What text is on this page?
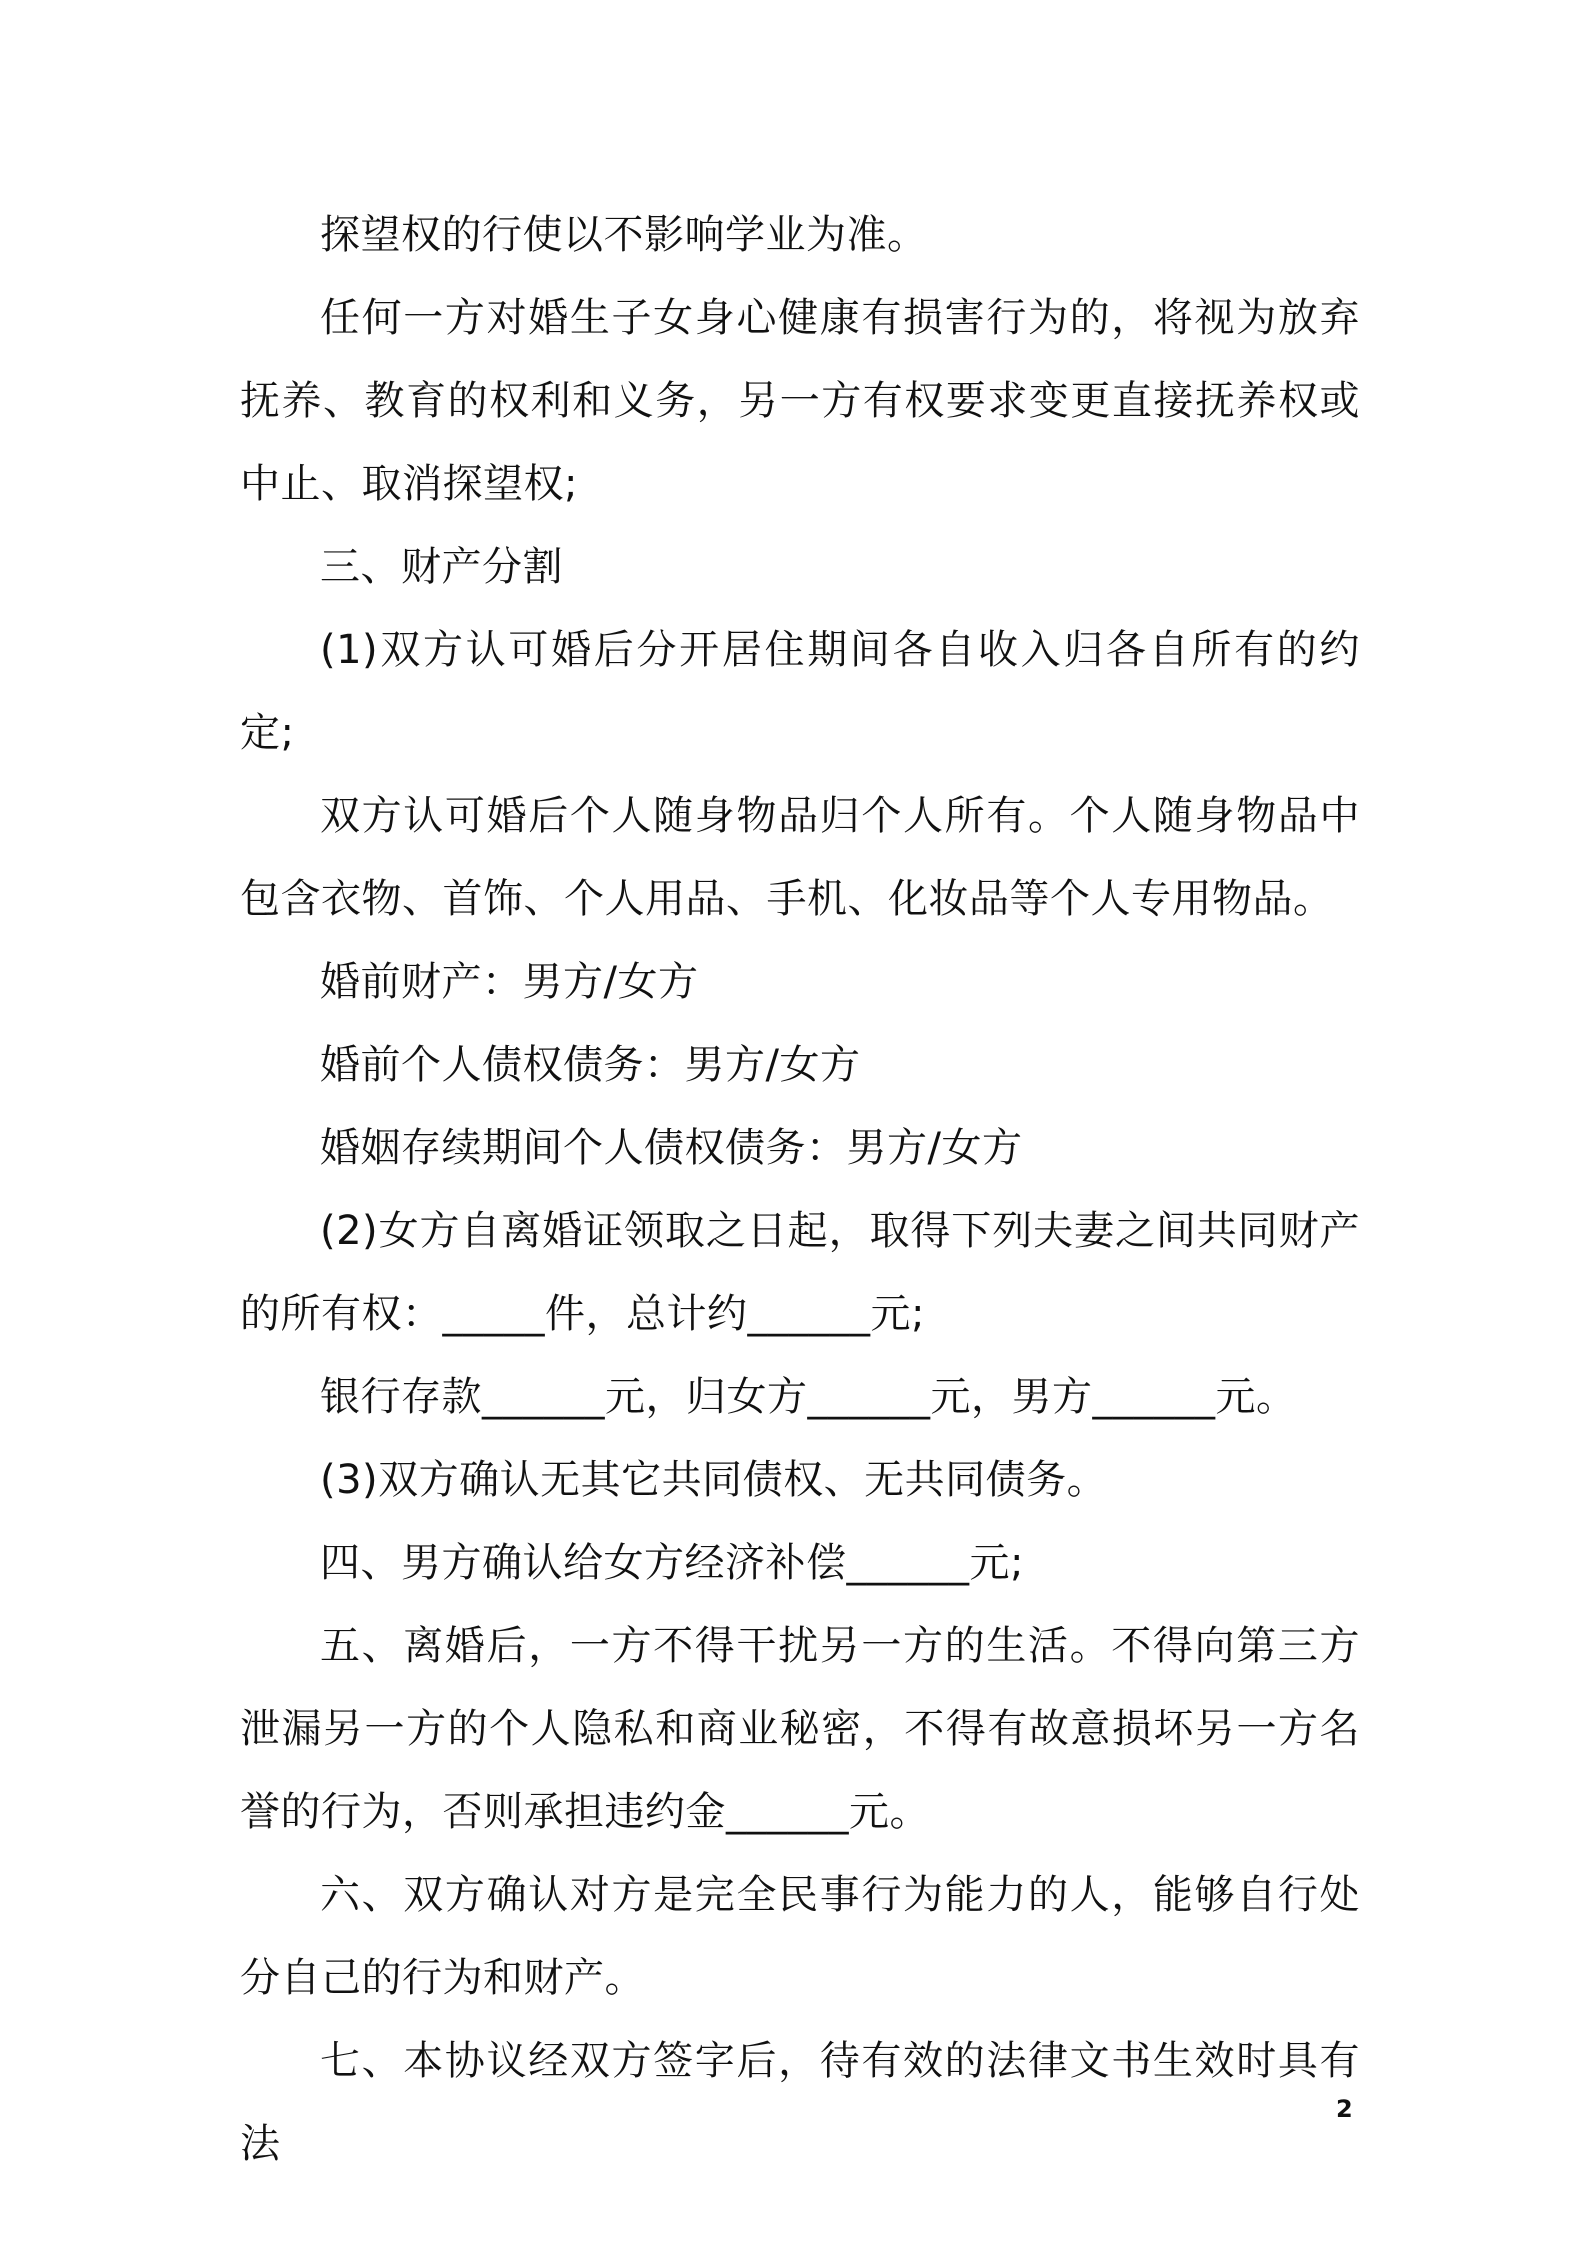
探望权的行使以不影响学业为准。

任何一方对婚生子女身心健康有损害行为的，将视为放弃抚养、教育的权利和义务，另一方有权要求变更直接抚养权或中止、取消探望权;

三、财产分割

(1)双方认可婚后分开居住期间各自收入归各自所有的约定;

双方认可婚后个人随身物品归个人所有。个人随身物品中包含衣物、首饰、个人用品、手机、化妆品等个人专用物品。

婚前财产：男方/女方

婚前个人债权债务：男方/女方

婚姻存续期间个人债权债务：男方/女方

(2)女方自离婚证领取之日起，取得下列夫妻之间共同财产的所有权：_____件，总计约______元;

银行存款______元，归女方______元，男方______元。

(3)双方确认无其它共同债权、无共同债务。

四、男方确认给女方经济补偿______元;

五、离婚后，一方不得干扰另一方的生活。不得向第三方泄漏另一方的个人隐私和商业秘密，不得有故意损坏另一方名誉的行为，否则承担违约金______元。

六、双方确认对方是完全民事行为能力的人，能够自行处分自己的行为和财产。

七、本协议经双方签字后，待有效的法律文书生效时具有法

2
